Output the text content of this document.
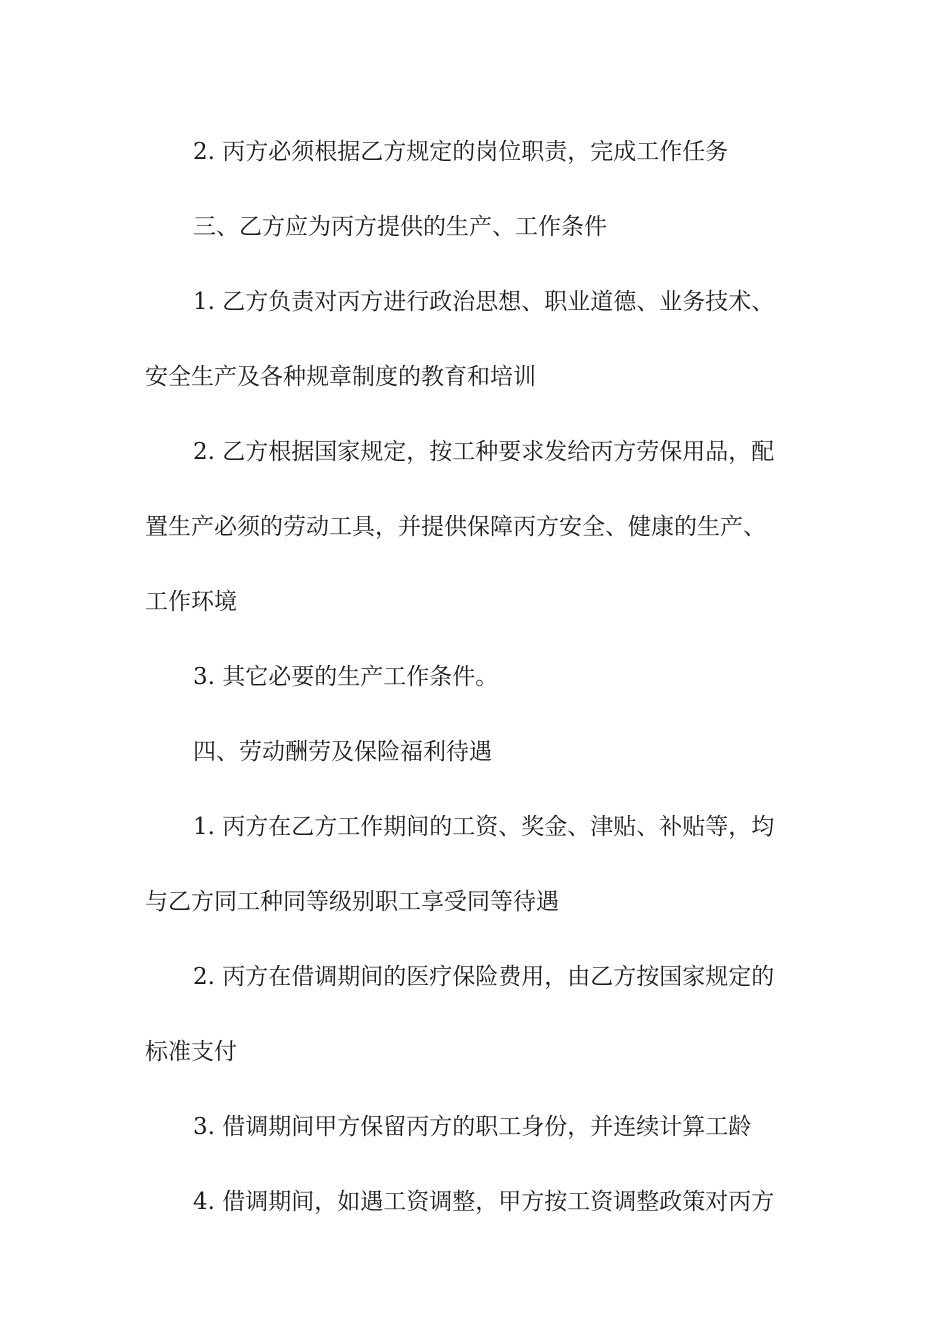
2. 丙方必须根据乙方规定的岗位职责，完成工作任务
三、乙方应为丙方提供的生产、工作条件
1. 乙方负责对丙方进行政治思想、职业道德、业务技术、
安全生产及各种规章制度的教育和培训
2. 乙方根据国家规定，按工种要求发给丙方劳保用品，配
置生产必须的劳动工具，并提供保障丙方安全、健康的生产、
工作环境
3. 其它必要的生产工作条件。
四、劳动酬劳及保险福利待遇
1. 丙方在乙方工作期间的工资、奖金、津贴、补贴等，均
与乙方同工种同等级别职工享受同等待遇
2. 丙方在借调期间的医疗保险费用，由乙方按国家规定的
标准支付
3. 借调期间甲方保留丙方的职工身份，并连续计算工龄
4. 借调期间，如遇工资调整，甲方按工资调整政策对丙方
